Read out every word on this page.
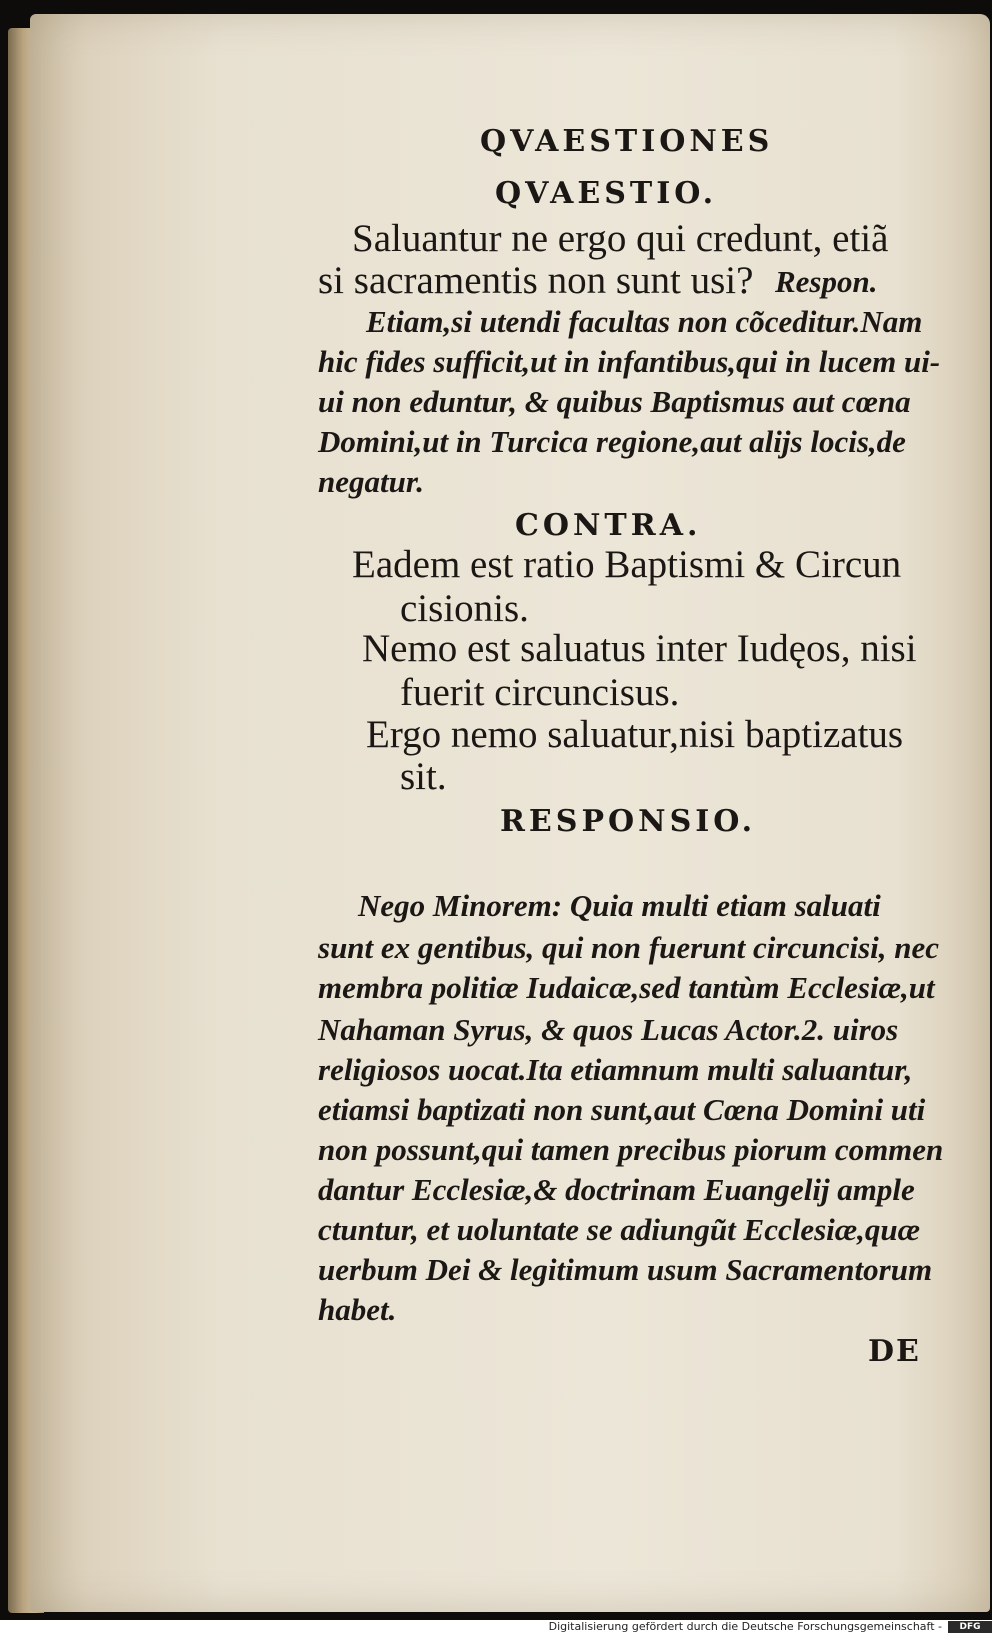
QVAESTIONES

QVAESTIO.

Saluantur ne ergo qui credunt, etiã

si sacramentis non sunt usi? Respon.

Etiam,si utendi facultas non cõceditur.Nam

hic fides sufficit,ut in infantibus,qui in lucem ui-

ui non eduntur, & quibus Baptismus aut cœna

Domini,ut in Turcica regione,aut alijs locis,de

negatur.

CONTRA.

Eadem est ratio Baptismi & Circun

cisionis.

Nemo est saluatus inter Iudęos, nisi

fuerit circuncisus.

Ergo nemo saluatur,nisi baptizatus

sit.

RESPONSIO.

Nego Minorem: Quia multi etiam saluati

sunt ex gentibus, qui non fuerunt circuncisi, nec

membra politiæ Iudaicæ,sed tantùm Ecclesiæ,ut

Nahaman Syrus, & quos Lucas Actor.2. uiros

religiosos uocat.Ita etiamnum multi saluantur,

etiamsi baptizati non sunt,aut Cœna Domini uti

non possunt,qui tamen precibus piorum commen

dantur Ecclesiæ,& doctrinam Euangelij ample

ctuntur, et uoluntate se adiungũt Ecclesiæ,quæ

uerbum Dei & legitimum usum Sacramentorum

habet.

DE

Digitalisierung gefördert durch die Deutsche Forschungsgemeinschaft -	DFG
